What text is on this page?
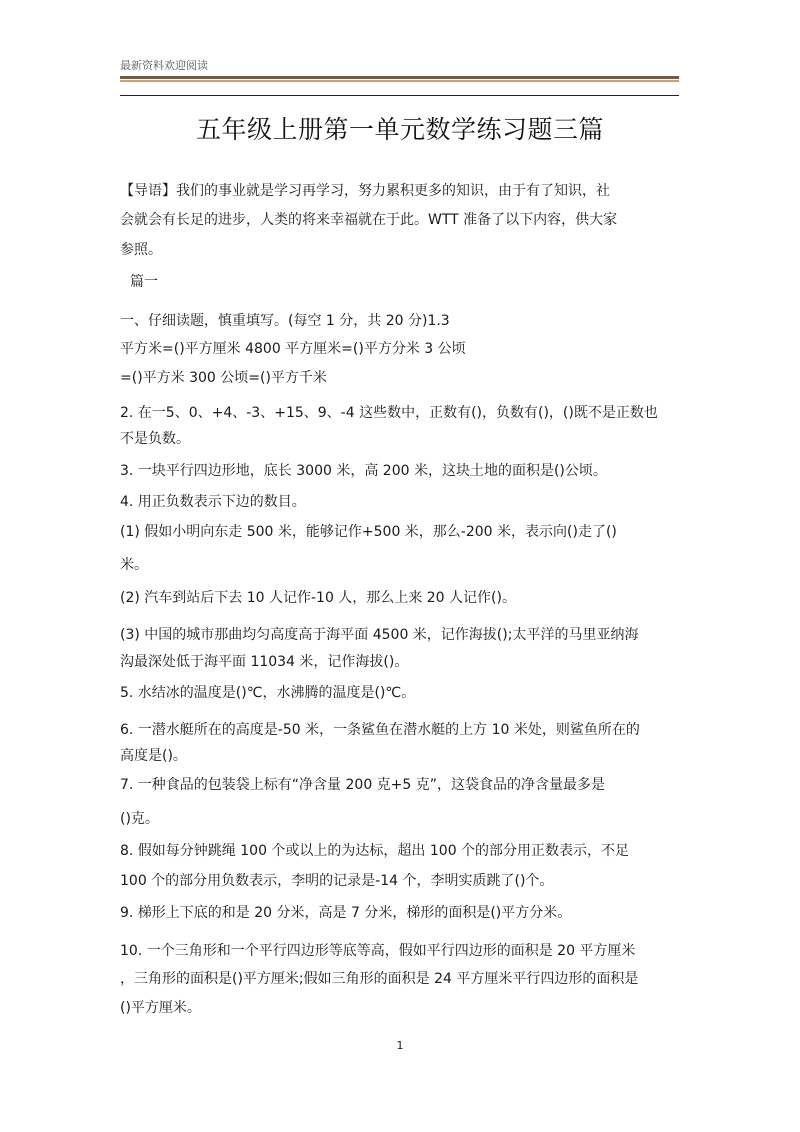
最新资料欢迎阅读
五年级上册第一单元数学练习题三篇
【导语】我们的事业就是学习再学习，努力累积更多的知识，由于有了知识，社
会就会有长足的进步，人类的将来幸福就在于此。WTT 准备了以下内容，供大家
参照。
篇一
一、仔细读题，慎重填写。(每空 1 分，共 20 分)1.3
平方米=()平方厘米 4800 平方厘米=()平方分米 3 公顷
=()平方米 300 公顷=()平方千米
2. 在一5、0、+4、-3、+15、9、-4 这些数中，正数有()，负数有()，()既不是正数也
不是负数。
3. 一块平行四边形地，底长 3000 米，高 200 米，这块土地的面积是()公顷。
4. 用正负数表示下边的数目。
(1) 假如小明向东走 500 米，能够记作+500 米，那么-200 米，表示向()走了()
米。
(2) 汽车到站后下去 10 人记作-10 人，那么上来 20 人记作()。
(3) 中国的城市那曲均匀高度高于海平面 4500 米，记作海拔();太平洋的马里亚纳海
沟最深处低于海平面 11034 米，记作海拔()。
5. 水结冰的温度是()℃，水沸腾的温度是()℃。
6. 一潜水艇所在的高度是-50 米，一条鲨鱼在潜水艇的上方 10 米处，则鲨鱼所在的
高度是()。
7. 一种食品的包装袋上标有“净含量 200 克+5 克”，这袋食品的净含量最多是
()克。
8. 假如每分钟跳绳 100 个或以上的为达标，超出 100 个的部分用正数表示，不足
100 个的部分用负数表示，李明的记录是-14 个，李明实质跳了()个。
9. 梯形上下底的和是 20 分米，高是 7 分米，梯形的面积是()平方分米。
10. 一个三角形和一个平行四边形等底等高，假如平行四边形的面积是 20 平方厘米
，三角形的面积是()平方厘米;假如三角形的面积是 24 平方厘米平行四边形的面积是
()平方厘米。
1
